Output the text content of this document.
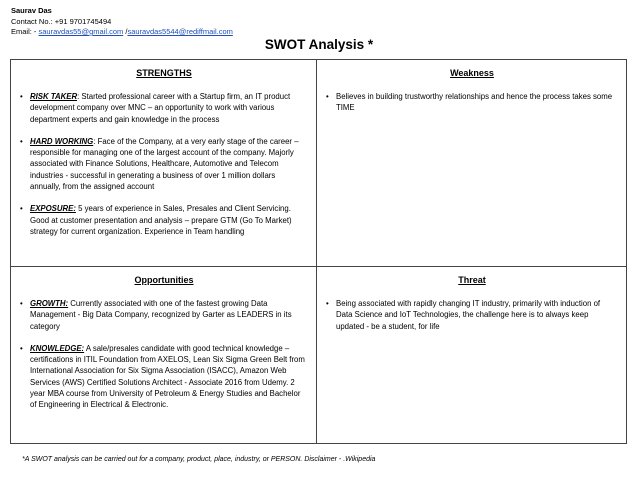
Saurav Das
Contact No.: +91 9701745494
Email: - sauravdas55@gmail.com /sauravdas5544@rediffmail.com
SWOT Analysis *
STRENGTHS
• RISK TAKER: Started professional career with a Startup firm, an IT product development company over MNC – an opportunity to work with various department experts and gain knowledge in the process
• HARD WORKING: Face of the Company, at a very early stage of the career – responsible for managing one of the largest account of the company. Majorly associated with Finance Solutions, Healthcare, Automotive and Telecom industries - successful in generating a business of over 1 million dollars annually, from the assigned account
• EXPOSURE: 5 years of experience in Sales, Presales and Client Servicing. Good at customer presentation and analysis – prepare GTM (Go To Market) strategy for current organization. Experience in Team handling
Weakness
• Believes in building trustworthy relationships and hence the process takes some TIME
Opportunities
• GROWTH: Currently associated with one of the fastest growing Data Management - Big Data Company, recognized by Garter as LEADERS in its category
• KNOWLEDGE: A sale/presales candidate with good technical knowledge – certifications in ITIL Foundation from AXELOS, Lean Six Sigma Green Belt from International Association for Six Sigma Association (ISACC), Amazon Web Services (AWS) Certified Solutions Architect - Associate 2016 from Udemy. 2 year MBA course from University of Petroleum & Energy Studies and Bachelor of Engineering in Electrical & Electronic.
Threat
• Being associated with rapidly changing IT industry, primarily with induction of Data Science and IoT Technologies, the challenge here is to always keep updated - be a student, for life
*A SWOT analysis can be carried out for a company, product, place, industry, or PERSON. Disclaimer - .Wikipedia
